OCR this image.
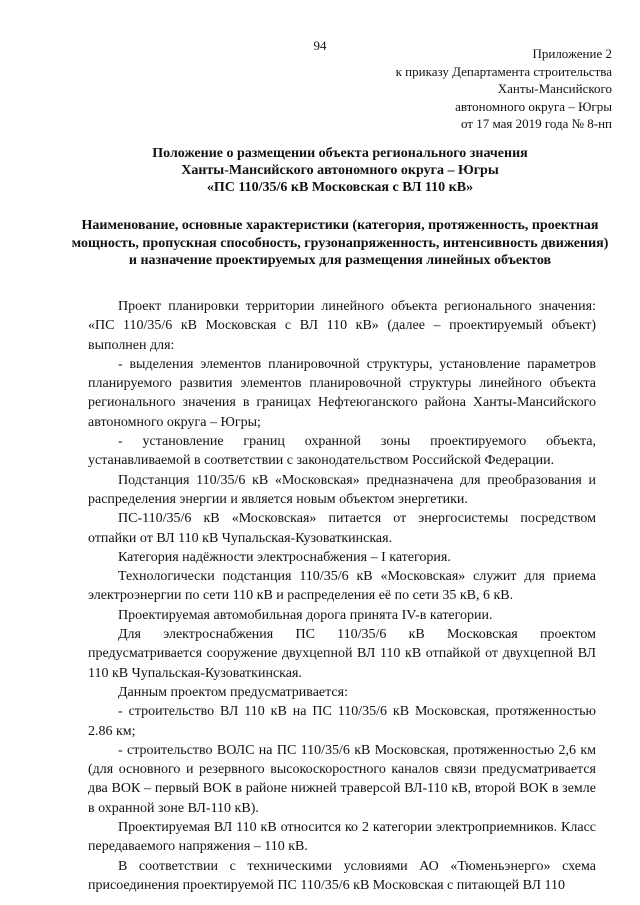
94
Приложение 2
к приказу Департамента строительства
Ханты-Мансийского
автономного округа – Югры
от 17 мая 2019 года № 8-нп
Положение о размещении объекта регионального значения
Ханты-Мансийского автономного округа – Югры
«ПС 110/35/6 кВ Московская с ВЛ 110 кВ»
Наименование, основные характеристики (категория, протяженность, проектная мощность, пропускная способность, грузонапряженность, интенсивность движения) и назначение проектируемых для размещения линейных объектов

Проект планировки территории линейного объекта регионального значения: «ПС 110/35/6 кВ Московская с ВЛ 110 кВ» (далее – проектируемый объект) выполнен для:

- выделения элементов планировочной структуры, установление параметров планируемого развития элементов планировочной структуры линейного объекта регионального значения в границах Нефтеюганского района Ханты-Мансийского автономного округа – Югры;

- установление границ охранной зоны проектируемого объекта, устанавливаемой в соответствии с законодательством Российской Федерации.

Подстанция 110/35/6 кВ «Московская» предназначена для преобразования и распределения энергии и является новым объектом энергетики.

ПС-110/35/6 кВ «Московская» питается от энергосистемы посредством отпайки от ВЛ 110 кВ Чупальская-Кузоваткинская.

Категория надёжности электроснабжения – I категория.

Технологически подстанция 110/35/6 кВ «Московская» служит для приема электроэнергии по сети 110 кВ и распределения её по сети 35 кВ, 6 кВ.

Проектируемая автомобильная дорога принята IV-в категории.

Для электроснабжения ПС 110/35/6 кВ Московская проектом предусматривается сооружение двухцепной ВЛ 110 кВ отпайкой от двухцепной ВЛ 110 кВ Чупальская-Кузоваткинская.

Данным проектом предусматривается:

- строительство ВЛ 110 кВ на ПС 110/35/6 кВ Московская, протяженностью 2.86 км;

- строительство ВОЛС на ПС 110/35/6 кВ Московская, протяженностью 2,6 км (для основного и резервного высокоскоростного каналов связи предусматривается два ВОК – первый ВОК в районе нижней траверсой ВЛ-110 кВ, второй ВОК в земле в охранной зоне ВЛ-110 кВ).

Проектируемая ВЛ 110 кВ относится ко 2 категории электроприемников. Класс передаваемого напряжения – 110 кВ.

В соответствии с техническими условиями АО «Тюменьэнерго» схема присоединения проектируемой ПС 110/35/6 кВ Московская с питающей ВЛ 110
